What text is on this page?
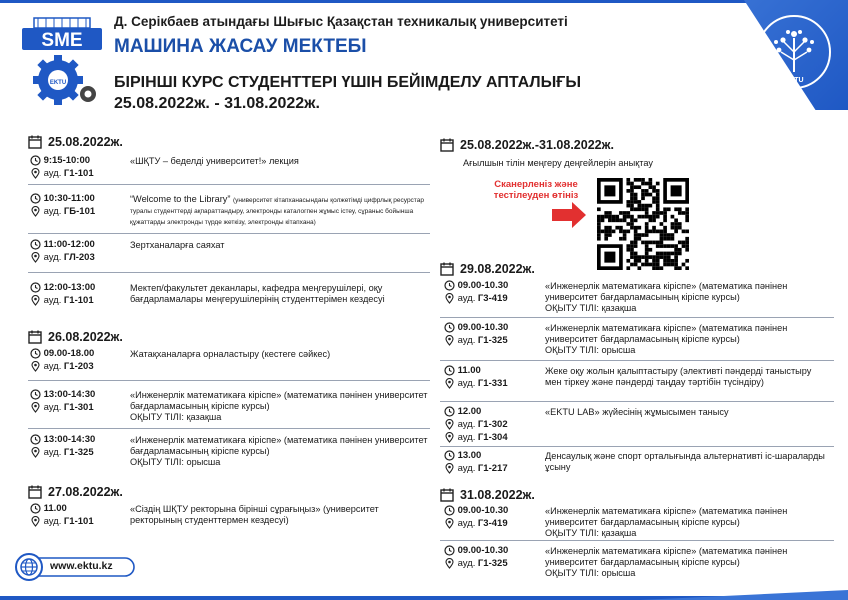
SME
EKTU
Д. Серікбаев атындағы Шығыс Қазақстан техникалық университеті
МАШИНА ЖАСАУ МЕКТЕБІ
БІРІНШІ КУРС СТУДЕНТТЕРІ ҮШІН БЕЙІМДЕЛУ АПТАЛЫҒЫ
25.08.2022ж. - 31.08.2022ж.
EKTU
1958
25.08.2022ж.
9:15-10:00
ауд. Г1-101
«ШҚТУ – беделді университет!» лекция
10:30-11:00
ауд. ГБ-101
“Welcome to the Library” (университет кітапханасындағы қолжетімді цифрлық ресурстар туралы студенттерді ақпараттандыру, электронды каталогпен жұмыс істеу, сұраныс бойынша құжаттарды электронды түрде жеткізу, электронды кітапхана)
11:00-12:00
ауд. ГЛ-203
Зертханаларға саяхат
12:00-13:00
ауд. Г1-101
Мектеп/факультет деканлары, кафедра меңгерушілері, оқу бағдарламалары меңгерушілерінің студенттерімен кездесуі
26.08.2022ж.
09.00-18.00
ауд. Г1-203
Жатақханаларға орналастыру (кестеге сәйкес)
13:00-14:30
ауд. Г1-301
«Инженерлік математикаға кіріспе» (математика пәнінен университет бағдарламасының кіріспе курсы)
ОҚЫТУ ТІЛІ: қазақша
13:00-14:30
ауд. Г1-325
«Инженерлік математикаға кіріспе» (математика пәнінен университет бағдарламасының кіріспе курсы)
ОҚЫТУ ТІЛІ: орысша
27.08.2022ж.
11.00
ауд. Г1-101
«Сіздің ШҚТУ ректорына бірінші сұрағыңыз» (университет ректорының студенттермен кездесуі)
www.ektu.kz
25.08.2022ж.-31.08.2022ж.
Ағылшын тілін меңгеру деңгейлерін анықтау
Сканерленіз және тестілеуден өтініз
29.08.2022ж.
09.00-10.30
ауд. Г3-419
«Инженерлік математикаға кіріспе» (математика пәнінен университет бағдарламасының кіріспе курсы)
ОҚЫТУ ТІЛІ: қазақша
09.00-10.30
ауд. Г1-325
«Инженерлік математикаға кіріспе» (математика пәнінен университет бағдарламасының кіріспе курсы)
ОҚЫТУ ТІЛІ: орысша
11.00
ауд. Г1-331
Жеке оқу жолын қалыптастыру (элективті пәндерді таныстыру мен тіркеу және пәндерді таңдау тәртібін түсіндіру)
12.00
ауд. Г1-302
ауд. Г1-304
«EKTU LAB» жүйесінің жұмысымен танысу
13.00
ауд. Г1-217
Денсаулық және спорт орталығында альтернативті іс-шараларды ұсыну
31.08.2022ж.
09.00-10.30
ауд. Г3-419
«Инженерлік математикаға кіріспе» (математика пәнінен университет бағдарламасының кіріспе курсы)
ОҚЫТУ ТІЛІ: қазақша
09.00-10.30
ауд. Г1-325
«Инженерлік математикаға кіріспе» (математика пәнінен университет бағдарламасының кіріспе курсы)
ОҚЫТУ ТІЛІ: орысша
